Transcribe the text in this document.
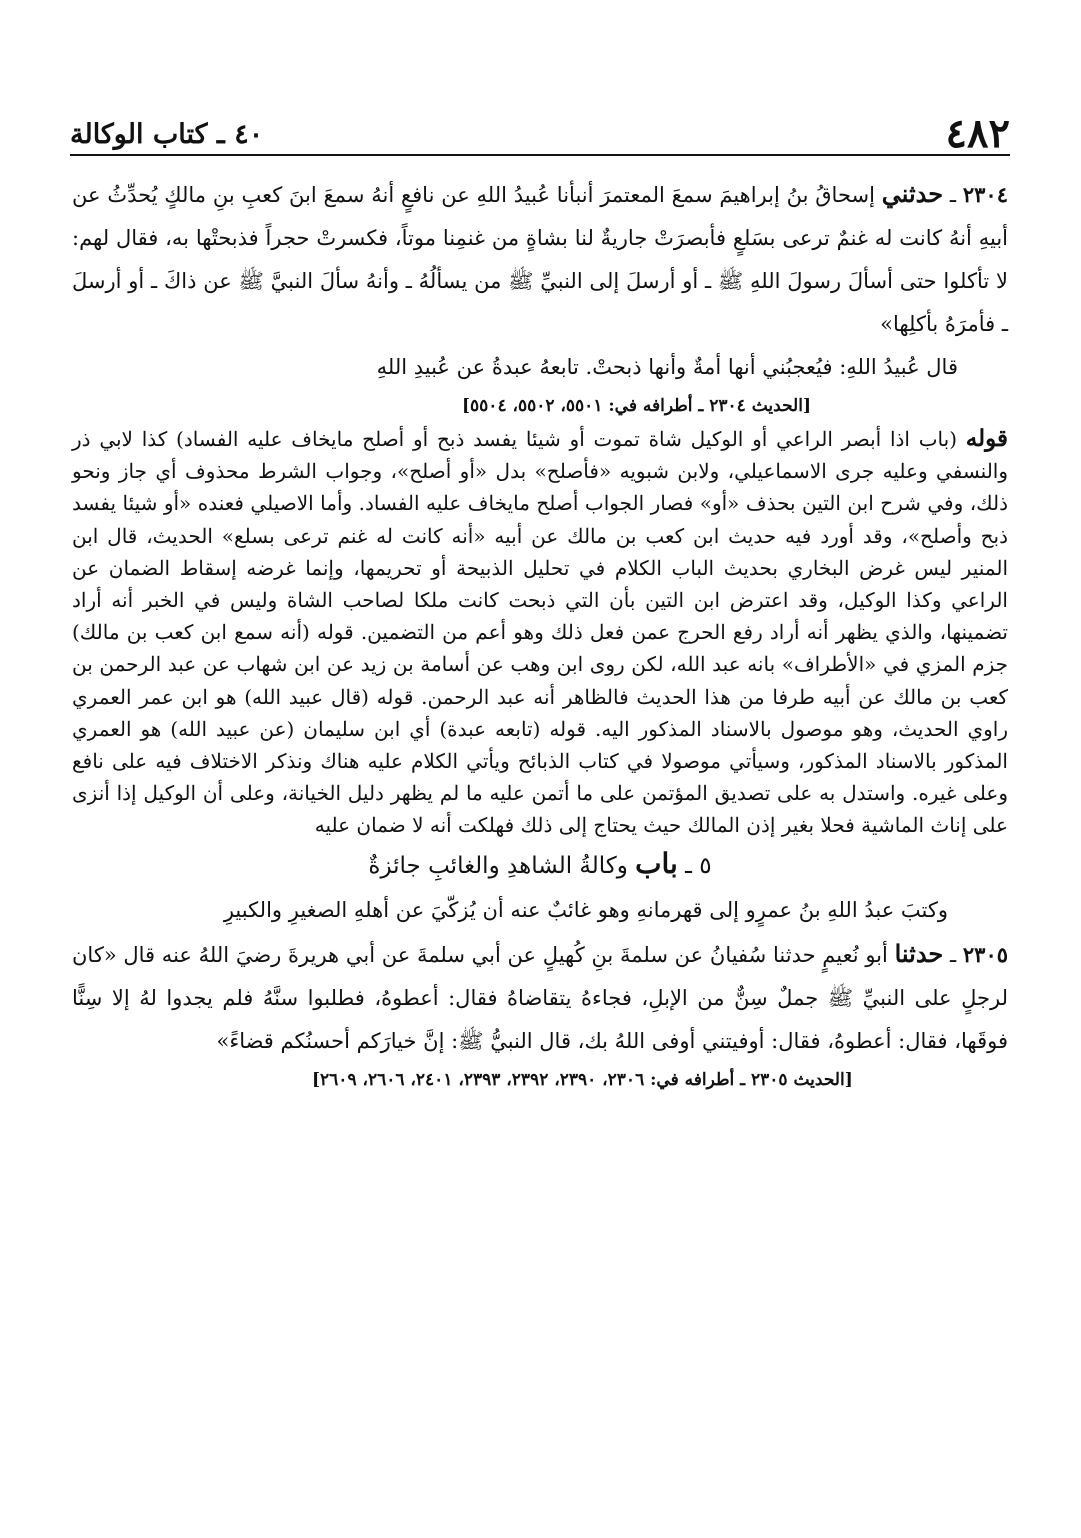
٤٨٢
٤٠ ـ كتاب الوكالة

٢٣٠٤ ـ حدثني إسحاقُ بنُ إبراهيمَ سمعَ المعتمرَ أنبأنا عُبيدُ اللهِ عن نافعٍ أنهُ سمعَ ابنَ كعبِ بنِ مالكٍ يُحدِّثُ عن أبيهِ أنهُ كانت له غنمٌ ترعى بسَلعٍ فأبصرَتْ جاريةٌ لنا بشاةٍ من غنمِنا موتاً، فكسرتْ حجراً فذبحتْها به، فقال لهم: لا تأكلوا حتى أسألَ رسولَ اللهِ ﷺ ـ أو أرسلَ إلى النبيِّ ﷺ من يسألُهُ ـ وأنهُ سألَ النبيَّ ﷺ عن ذاكَ ـ أو أرسلَ ـ فأمرَهُ بأكلِها»

قال عُبيدُ اللهِ: فيُعجبُني أنها أمةٌ وأنها ذبحتْ. تابعهُ عبدةُ عن عُبيدِ اللهِ

[الحديث ٢٣٠٤ ـ أطرافه في: ٥٥٠١، ٥٥٠٢، ٥٥٠٤]

قوله (باب اذا أبصر الراعي أو الوكيل شاة تموت أو شيئا يفسد ذبح أو أصلح مايخاف عليه الفساد) كذا لابي ذر والنسفي وعليه جرى الاسماعيلي، ولابن شبويه «فأصلح» بدل «أو أصلح»، وجواب الشرط محذوف أي جاز ونحو ذلك، وفي شرح ابن التين بحذف «أو» فصار الجواب أصلح مايخاف عليه الفساد. وأما الاصيلي فعنده «أو شيئا يفسد ذبح وأصلح»، وقد أورد فيه حديث ابن كعب بن مالك عن أبيه «أنه كانت له غنم ترعى بسلع» الحديث، قال ابن المنير ليس غرض البخاري بحديث الباب الكلام في تحليل الذبيحة أو تحريمها، وإنما غرضه إسقاط الضمان عن الراعي وكذا الوكيل، وقد اعترض ابن التين بأن التي ذبحت كانت ملكا لصاحب الشاة وليس في الخبر أنه أراد تضمينها، والذي يظهر أنه أراد رفع الحرج عمن فعل ذلك وهو أعم من التضمين. قوله (أنه سمع ابن كعب بن مالك) جزم المزي في «الأطراف» بانه عبد الله، لكن روى ابن وهب عن أسامة بن زيد عن ابن شهاب عن عبد الرحمن بن كعب بن مالك عن أبيه طرفا من هذا الحديث فالظاهر أنه عبد الرحمن. قوله (قال عبيد الله) هو ابن عمر العمري راوي الحديث، وهو موصول بالاسناد المذكور اليه. قوله (تابعه عبدة) أي ابن سليمان (عن عبيد الله) هو العمري المذكور بالاسناد المذكور، وسيأتي موصولا في كتاب الذبائح ويأتي الكلام عليه هناك ونذكر الاختلاف فيه على نافع وعلى غيره. واستدل به على تصديق المؤتمن على ما أتمن عليه ما لم يظهر دليل الخيانة، وعلى أن الوكيل إذا أنزى على إناث الماشية فحلا بغير إذن المالك حيث يحتاج إلى ذلك فهلكت أنه لا ضمان عليه

٥ ـ باب وكالةُ الشاهدِ والغائبِ جائزةٌ

وكتبَ عبدُ اللهِ بنُ عمرٍو إلى قهرمانهِ وهو غائبٌ عنه أن يُزكّيَ عن أهلهِ الصغيرِ والكبيرِ

٢٣٠٥ ـ حدثنا أبو نُعيمٍ حدثنا سُفيانُ عن سلمةَ بنِ كُهيلٍ عن أبي سلمةَ عن أبي هريرةَ رضيَ اللهُ عنه قال «كان لرجلٍ على النبيِّ ﷺ جملٌ سِنٌّ من الإبلِ، فجاءهُ يتقاضاهُ فقال: أعطوهُ، فطلبوا سنَّهُ فلم يجدوا لهُ إلا سِنًّا فوقَها، فقال: أعطوهُ، فقال: أوفيتني أوفى اللهُ بك، قال النبيُّ ﷺ: إنَّ خيارَكم أحسنُكم قضاءً»

[الحديث ٢٣٠٥ ـ أطرافه في: ٢٣٠٦، ٢٣٩٠، ٢٣٩٢، ٢٣٩٣، ٢٤٠١، ٢٦٠٦، ٢٦٠٩]
